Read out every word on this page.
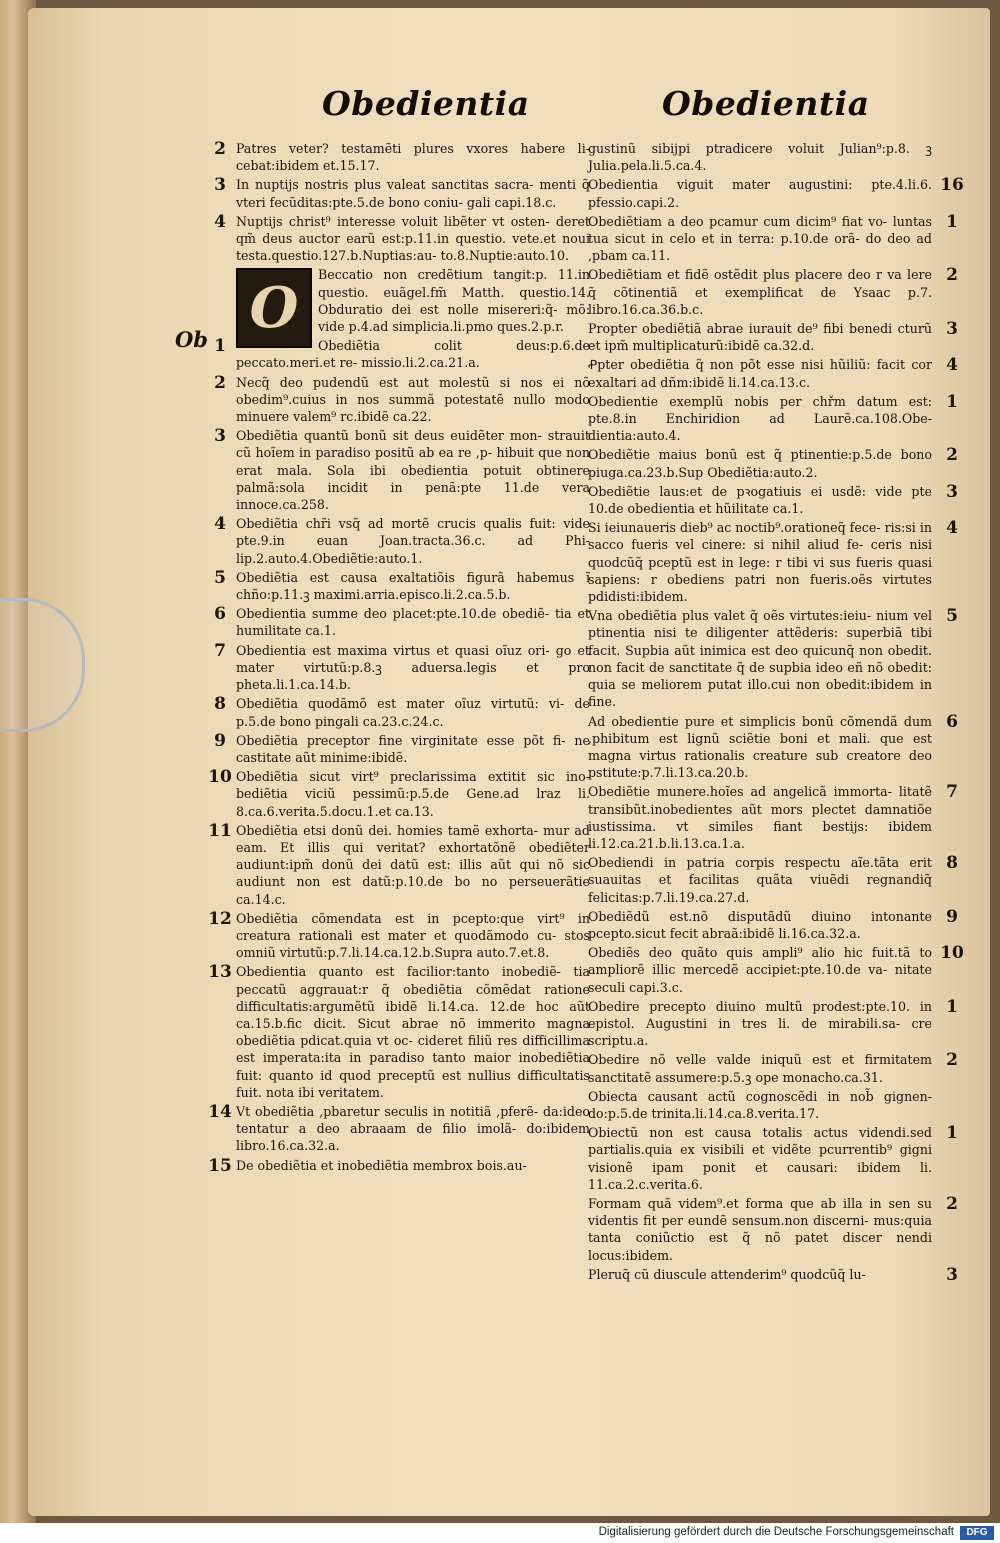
Obedientia	Obedientia
Ob
2 Patres veter? testamẽti plures vxores habere li- cebat:ibidem et.15.17.
3 In nuptijs nostris plus valeat sanctitas sacra- menti q̃ vteri fecũditas:pte.5.de bono coniu- gali capi.18.c.
4 Nuptijs christ⁹ interesse voluit libẽter vt osten- deret qm̃ deus auctor earũ est:p.11.in questio. vete.et noui testa.questio.127.b.Nuptias:au- to.8.Nuptie:auto.10.
O	Beccatio non credẽtium tangit:p. 11.in questio. euãgel.fm̃ Matth. questio.14. Obduratio dei est nolle misereri:q̃- mõ: vide p.4.ad simplicia.li.pmo ques.2.p.r.
1	Obediẽtia colit deus:p.6.de peccato.meri.et re- missio.li.2.ca.21.a.
2 Necq̃ deo pudendũ est aut molestũ si nos ei nõ obedim⁹.cuius in nos summã potestatẽ nullo modo minuere valem⁹ rc.ibidẽ ca.22.
3 Obediẽtia quantũ bonũ sit deus euidẽter mon- strauit cũ hoĩem in paradiso positũ ab ea re ,p- hibuit que non erat mala. Sola ibi obedientia potuit obtinere palmã:sola incidit in penã:pte 11.de vera innoce.ca.258.
4 Obediẽtia chr̃i vsq̃ ad mortẽ crucis qualis fuit: vide pte.9.in euan Joan.tracta.36.c. ad Phi- lip.2.auto.4.Obediẽtie:auto.1.
5 Obediẽtia est causa exaltatiõis figurã habemus ĩ chño:p.11.ꝫ maximi.arria.episco.li.2.ca.5.b.
6 Obedientia summe deo placet:pte.10.de obediẽ- tia et humilitate ca.1.
7 Obedientia est maxima virtus et quasi oĩuz ori- go et mater virtutũ:p.8.ꝫ aduersa.legis et pro pheta.li.1.ca.14.b.
8 Obediẽtia quodãmõ est mater oĩuz virtutũ: vi- de p.5.de bono pingali ca.23.c.24.c.
9 Obediẽtia preceptor fine virginitate esse põt fi- ne castitate aũt minime:ibidẽ.
10 Obediẽtia sicut virt⁹ preclarissima extitit sic ino- bediẽtia viciũ pessimũ:p.5.de Gene.ad lraz li. 8.ca.6.verita.5.docu.1.et ca.13.
11 Obediẽtia etsi donũ dei. homies tamẽ exhorta- mur ad eam. Et illis qui veritat? exhortatõnẽ obediẽter audiunt:ipm̃ donũ dei datũ est: illis aũt qui nõ sic audiunt non est datũ:p.10.de bo no perseuerãtie ca.14.c.
12 Obediẽtia cõmendata est in pcepto:que virt⁹ in creatura rationali est mater et quodãmodo cu- stos omniũ virtutũ:p.7.li.14.ca.12.b.Supra auto.7.et.8.
13 Obedientia quanto est facilior:tanto inobediẽ- tia peccatũ aggrauat:r q̃ obediẽtia cõmẽdat ratione difficultatis:argumẽtũ ibidẽ li.14.ca. 12.de hoc aũt ca.15.b.fic dicit. Sicut abrae nõ immerito magna obediẽtia pdicat.quia vt oc- cideret filiũ res difficillima est imperata:ita in paradiso tanto maior inobediẽtia fuit: quanto id quod preceptũ est nullius difficultatis fuit. nota ibi veritatem.
14 Vt obediẽtia ,pbaretur seculis in notitiã ,pferẽ- da:ideo tentatur a deo abraaam de filio imolã- do:ibidem libro.16.ca.32.a.
15 De obediẽtia et inobediẽtia membrox bois.au-
gustinũ sibijpi ptradicere voluit Julian⁹:p.8. ꝫ Julia.pela.li.5.ca.4.
16
Obedientia viguit mater augustini: pte.4.li.6. pfessio.capi.2.
1
Obediẽtiam a deo pcamur cum dicim⁹ fiat vo- luntas tua sicut in celo et in terra: p.10.de orã- do deo ad ,pbam ca.11.
2
Obediẽtiam et fidẽ ostẽdit plus placere deo r va lere q̃ cõtinentiã et exemplificat de Ysaac p.7. libro.16.ca.36.b.c.
3
Propter obediẽtiã abrae iurauit de⁹ fibi benedi cturũ et ipm̃ multiplicaturũ:ibidẽ ca.32.d.
4
Ꝓpter obediẽtia q̃ non põt esse nisi hũiliũ: facit cor exaltari ad dñm:ibidẽ li.14.ca.13.c.
1
Obedientie exemplũ nobis per chřm datum est: pte.8.in Enchiridion ad Laurẽ.ca.108.Obe- dientia:auto.4.
2
Obediẽtie maius bonũ est q̃ ptinentie:p.5.de bono piuga.ca.23.b.Sup Obediẽtia:auto.2.
3
Obediẽtie laus:et de pꝛogatiuis ei usdẽ: vide pte 10.de obedientia et hũilitate ca.1.
4
Si ieiunaueris dieb⁹ ac noctib⁹.orationeq̃ fece- ris:si in sacco fueris vel cinere: si nihil aliud fe- ceris nisi quodcũq̃ pceptũ est in lege: r tibi vi sus fueris quasi sapiens: r obediens patri non fueris.oẽs virtutes pdidisti:ibidem.
5
Vna obediẽtia plus valet q̃ oẽs virtutes:ieiu- nium vel ptinentia nisi te diligenter attẽderis: superbiã tibi facit. Supbia aũt inimica est deo quicunq̃ non obedit. non facit de sanctitate q̃ de supbia ideo eñ nõ obedit: quia se meliorem putat illo.cui non obedit:ibidem in fine.
6
Ad obedientie pure et simplicis bonũ cõmendã dum ,phibitum est lignũ sciẽtie boni et mali. que est magna virtus rationalis creature sub creatore deo pstitute:p.7.li.13.ca.20.b.
7
Obediẽtie munere.hoĩes ad angelicã immorta- litatẽ transibũt.inobedientes aũt mors plectet damnatiõe iustissima. vt similes fiant bestijs: ibidem li.12.ca.21.b.li.13.ca.1.a.
8
Obediendi in patria corpis respectu aĩe.tãta erit suauitas et facilitas quãta viuẽdi regnandiq̃ felicitas:p.7.li.19.ca.27.d.
9
Obediẽdũ est.nõ disputãdũ diuino intonante pcepto.sicut fecit abraã:ibidẽ li.16.ca.32.a.
10
Obediẽs deo quãto quis ampli⁹ alio hic fuit.tã to ampliorẽ illic mercedẽ accipiet:pte.10.de va- nitate seculi capi.3.c.
1
Obedire precepto diuino multũ prodest:pte.10. in epistol. Augustini in tres li. de mirabili.sa- cre scriptu.a.
2
Obedire nõ velle valde iniquũ est et firmitatem sanctitatẽ assumere:p.5.ꝫ ope monacho.ca.31.
Obiecta causant actũ cognoscẽdi in nob̃ gignen- do:p.5.de trinita.li.14.ca.8.verita.17.
1
Obiectũ non est causa totalis actus videndi.sed partialis.quia ex visibili et vidẽte pcurrentib⁹ gigni visionẽ ipam ponit et causari: ibidem li. 11.ca.2.c.verita.6.
2
Formam quã videm⁹.et forma que ab illa in sen su videntis fit per eundẽ sensum.non discerni- mus:quia tanta coniũctio est q̃ nõ patet discer nendi locus:ibidem.
3
Pleruq̃ cũ diuscule attenderim⁹ quodcũq̃ lu-
Digitalisierung gefördert durch die Deutsche Forschungsgemeinschaft	DFG
